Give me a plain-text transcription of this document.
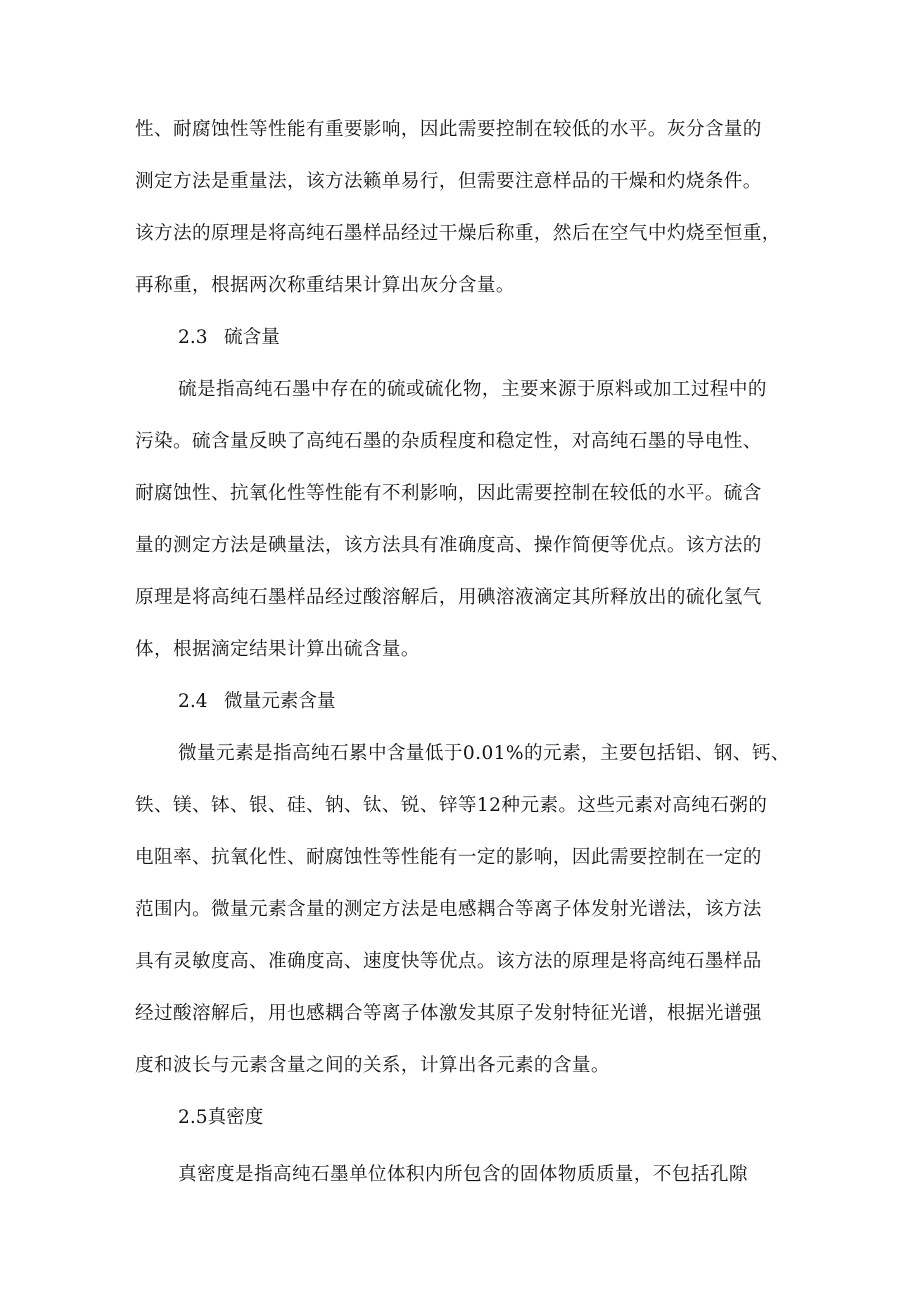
性、耐腐蚀性等性能有重要影响，因此需要控制在较低的水平。灰分含量的
测定方法是重量法，该方法籁单易行，但需要注意样品的干燥和灼烧条件。
该方法的原理是将高纯石墨样品经过干燥后称重，然后在空气中灼烧至恒重，
再称重，根据两次称重结果计算出灰分含量。
2.3 硫含量
硫是指高纯石墨中存在的硫或硫化物，主要来源于原料或加工过程中的
污染。硫含量反映了高纯石墨的杂质程度和稳定性，对高纯石墨的导电性、
耐腐蚀性、抗氧化性等性能有不利影响，因此需要控制在较低的水平。硫含
量的测定方法是碘量法，该方法具有准确度高、操作简便等优点。该方法的
原理是将高纯石墨样品经过酸溶解后，用碘溶液滴定其所释放出的硫化氢气
体，根据滴定结果计算出硫含量。
2.4 微量元素含量
微量元素是指高纯石累中含量低于0.01%的元素，主要包括铝、钢、钙、
铁、镁、钵、银、硅、钠、钛、锐、锌等12种元素。这些元素对高纯石粥的
电阻率、抗氧化性、耐腐蚀性等性能有一定的影响，因此需要控制在一定的
范围内。微量元素含量的测定方法是电感耦合等离子体发射光谱法，该方法
具有灵敏度高、准确度高、速度快等优点。该方法的原理是将高纯石墨样品
经过酸溶解后，用也感耦合等离子体激发其原子发射特征光谱，根据光谱强
度和波长与元素含量之间的关系，计算出各元素的含量。
2.5真密度
真密度是指高纯石墨单位体积内所包含的固体物质质量，不包括孔隙
